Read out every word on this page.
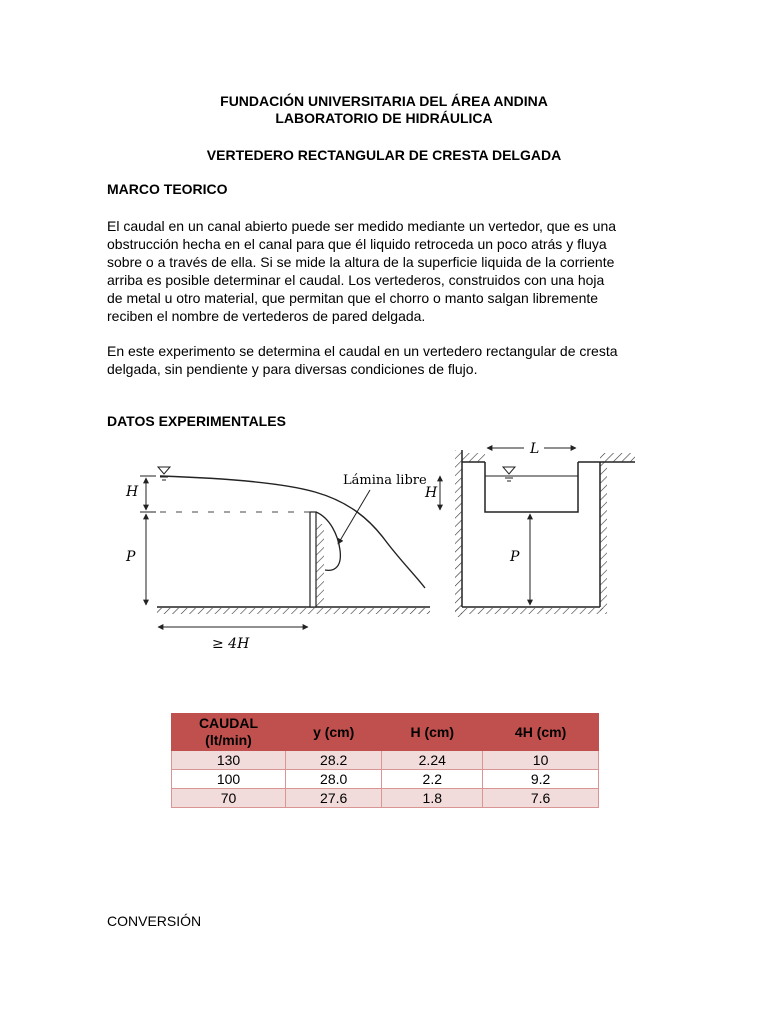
FUNDACIÓN UNIVERSITARIA DEL ÁREA ANDINA
LABORATORIO DE HIDRÁULICA
VERTEDERO RECTANGULAR DE CRESTA DELGADA
MARCO TEORICO

El caudal en un canal abierto puede ser medido mediante un vertedor, que es una

obstrucción hecha en el canal para que él liquido retroceda un poco atrás y fluya

sobre o a través de ella. Si se mide la altura de la superficie liquida de la corriente

arriba es posible determinar el caudal. Los vertederos, construidos con una hoja

de metal u otro material, que permitan que el chorro o manto salgan libremente

reciben el nombre de vertederos de pared delgada.

En este experimento se determina el caudal en un vertedero rectangular de cresta

delgada, sin pendiente y para diversas condiciones de flujo.

DATOS EXPERIMENTALES
H
P
Lámina libre
≥ 4H
L
H
P
CAUDAL (lt/min)	y (cm)	H (cm)	4H (cm)
130	28.2	2.24	10
100	28.0	2.2	9.2
70	27.6	1.8	7.6
CONVERSIÓN
